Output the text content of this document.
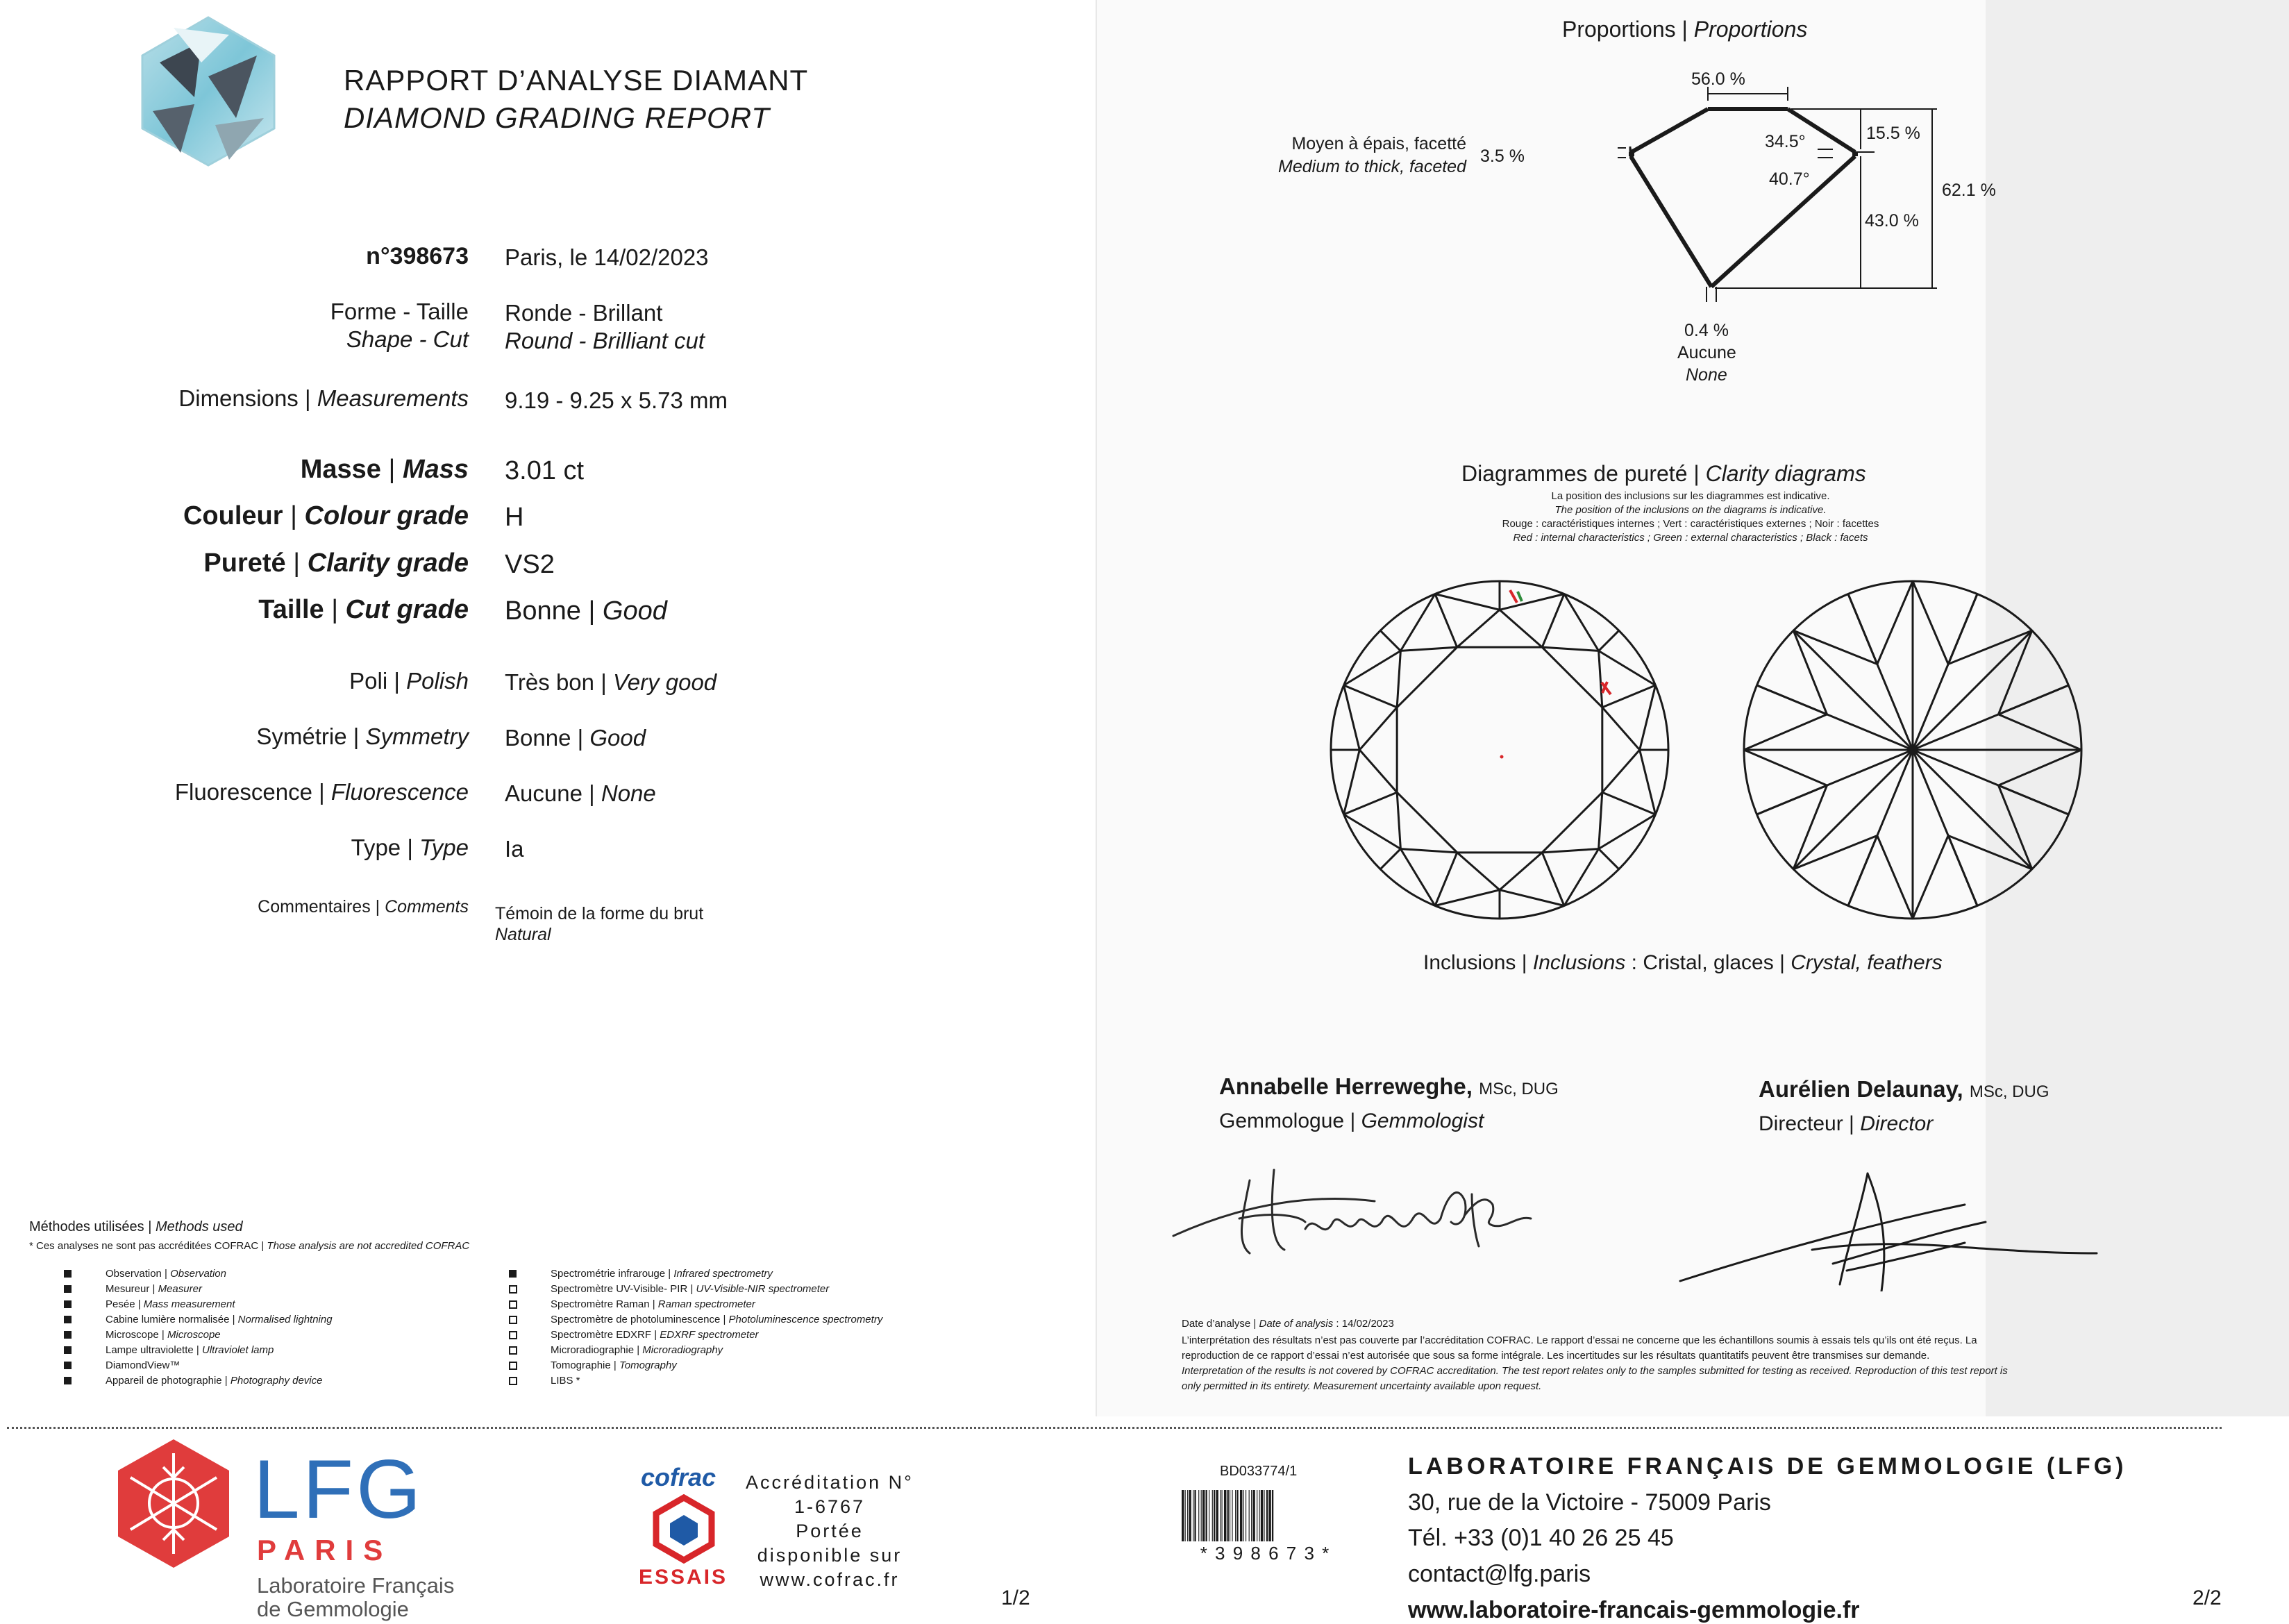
RAPPORT D’ANALYSE DIAMANT
DIAMOND GRADING REPORT
n°398673 Paris, le 14/02/2023
Forme - Taille
Shape - Cut
Ronde - Brillant
Round - Brilliant cut
Dimensions | Measurements 9.19 - 9.25 x 5.73 mm
Masse | Mass 3.01 ct
Couleur | Colour grade H
Pureté | Clarity grade VS2
Taille | Cut grade Bonne | Good
Poli | Polish Très bon | Very good
Symétrie | Symmetry Bonne | Good
Fluorescence | Fluorescence Aucune | None
Type | Type Ia
Commentaires | Comments Témoin de la forme du brut
Natural
Proportions | Proportions
56.0 %
Moyen à épais, facetté
Medium to thick, faceted
3.5 %
34.5°
40.7°
15.5 %
43.0 %
62.1 %
0.4 %
Aucune
None
Diagrammes de pureté | Clarity diagrams
La position des inclusions sur les diagrammes est indicative.
The position of the inclusions on the diagrams is indicative.
Rouge : caractéristiques internes ; Vert : caractéristiques externes ; Noir : facettes
Red : internal characteristics ; Green : external characteristics ; Black : facets
Inclusions | Inclusions : Cristal, glaces | Crystal, feathers
Annabelle Herreweghe, MSc, DUG
Gemmologue | Gemmologist
Aurélien Delaunay, MSc, DUG
Directeur | Director
Méthodes utilisées | Methods used
* Ces analyses ne sont pas accréditées COFRAC | Those analysis are not accredited COFRAC
Observation | Observation
Mesureur | Measurer
Pesée | Mass measurement
Cabine lumière normalisée | Normalised lightning
Microscope | Microscope
Lampe ultraviolette | Ultraviolet lamp
DiamondView™
Appareil de photographie | Photography device
Spectrométrie infrarouge | Infrared spectrometry
Spectromètre UV-Visible- PIR | UV-Visible-NIR spectrometer
Spectromètre Raman | Raman spectrometer
Spectromètre de photoluminescence | Photoluminescence spectrometry
Spectromètre EDXRF | EDXRF spectrometer
Microradiographie | Microradiography
Tomographie | Tomography
LIBS *
Date d’analyse | Date of analysis : 14/02/2023
L’interprétation des résultats n’est pas couverte par l’accréditation COFRAC. Le rapport d’essai ne concerne que les échantillons soumis à essais tels qu’ils ont été reçus. La
reproduction de ce rapport d’essai n’est autorisée que sous sa forme intégrale. Les incertitudes sur les résultats quantitatifs peuvent être transmises sur demande.
Interpretation of the results is not covered by COFRAC accreditation. The test report relates only to the samples submitted for testing as received. Reproduction of this test report is
only permitted in its entirety. Measurement uncertainty available upon request.
LFG
PARIS
Laboratoire Français
de Gemmologie
cofrac
ESSAIS
Accréditation N°
1-6767
Portée
disponible sur
www.cofrac.fr
1/2
BD033774/1
* 3 9 8 6 7 3 *
LABORATOIRE FRANÇAIS DE GEMMOLOGIE (LFG)
30, rue de la Victoire - 75009 Paris
Tél. +33 (0)1 40 26 25 45
contact@lfg.paris
www.laboratoire-francais-gemmologie.fr	2/2
